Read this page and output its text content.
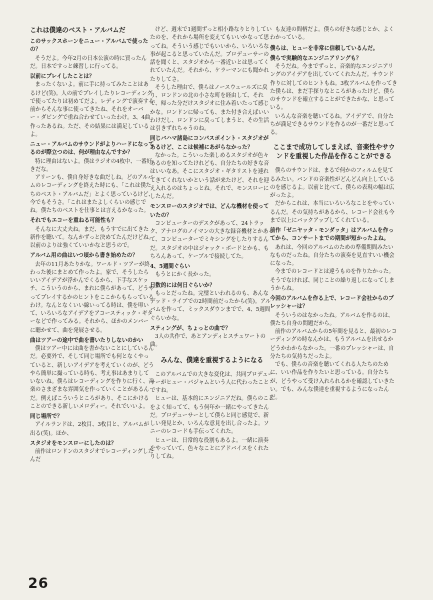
これは僕達のベスト・アルバムだ
このサックスホーンをニュー・アルバムで使ったの？
そうだよ。今年2月の日本公演の時に買ったんだ。日本ですっと練習しに行ってる。
以前にプレイしたことは？
まったくないよ。前に手に持ってみたことはあるけど(笑)。人の前でプレイしたりレコーディングで使ってたりは初めてだよ。レディングで演奏する前からそんな事に使ってきたね、それをオーバー・ダビングで重ね合わせていったわけ。3、4曲作ったあるね。ただ、その結果には満足しているよ。
ニュー・アルバムのサウンドがよりハードになってるのが際立つのは、何が理由なんですか？
特に理由はないよ。僕はラジオの4枚中、一番好きだな。
アリーンも、僕自身好きな曲だしね。どのアルバムのレコーディングを終えた時にも、「これは僕たちのベスト・アルバムだ」とよく思っているけど、今でもそうさ。「これはまたよしくらいの感じでね。僕たちのベストを仕事とは言えるかなった。
それでもエコーを重ねる可能性も？
そんなに大丈夫ね。まだ、もうすでに出てきた新作を聴いて。なんかずっと決めてたんだけどね。以前のよりは強くていいかなと思うので。
アルバム用の曲はいつ頃から書き始めたの？
去年の11月あたりかな。ワールド・ツアーが終わった後にまとめて作ったよ。家で、そうしたらいいアイデアが浮かんでくるから、下手なスケッチ、こういうのから、まれに僕らがあって、どうやってプレイするかのヒントをここからもらっているわけ。なんとなくいい線いってる時は、僕を叩いて、いろいろなアイデアをアコースティック・ギターなどで作ってみる。それから、ほかのメンバーに聴かせて、曲を発展させる。
曲はツアーの途中で曲を書いたりしないのかい
僕はツアー中には曲を書かないことにしているんだ。必要外で、そして同じ場所でも何となくやっていると、新しいアイデアを考えていくのが、どうやら簡単に撮っている時も、考え事はあまりしていないね。僕らはレコーディングを作りに行く、音楽のさまざまな雰囲気を作っていくことがあるんだ。例えばこういうところがあり、そこにかけることのできる新しいメロディー。それでいいよ。
同じ場所で？
アイルランドは、2枚目、3枚目と、アルバムが出る(笑)。ほか、
スタジオをモンスローにしたのは？
前作はロンドンのスタジオでレコーディングしたんだ
けど、週末で1週間ずっと相小路なりとりしていたのを、それから場所を変えてもいいかなって思ってね。そういう感じでもいいから、いろいろな事が起こると思っていたんだ。プロデューサーの話を聞くと、スタジオから一番近いとは思ってくれていたんだ。それから、ケラーマンにも聞かれたりしてさ。
そうした理由で、僕らはノースウェールズに戻り、ロンドンの北の小さな町を経由して、それで、帰った分だけスタジオに住み着いたって感じかな。ロンドンに帰っても、また付き合えばいいわけだし、ロンドンに戻ってしまうと、その生活は引きずれちゃうのね。
同じバハマ諸島にコンパスポイント・スタジオがあるけど、ここは候補にあがらなかった？
なかった。こういった楽しめるスタジオが色々あるのを知ってたけれども、自分たちの好きな音はいいなあ。そこにスタジオ・ギタリストを連れてきてくれないかという話が来たけど、それを迎え入れるのはちょっとね。それで、モンスローにしたんだ。
モンスローのスタジオでは、どんな機材を使っていたの？
コンピューターのデスクがあって、24トラック、アナログのノイマンの大きな録音機材とかあって、コンピューターでミキシングをしたりするんだ。スタジオの中はジャック・ボードとかも、もちろんあって、ケーブルで接続してた。
4、5週間ぐらい
もうとにかく長かった。
日数的には何日ぐらいか？
もっとだったね。完璧といわれるのも、あんなデッド・ライブでの2時間前だったから(笑)。アルバムを作って、ミックスダウンまでで、4、5週間ぐらいかな。
スティングが、ちょっとの曲で？
3人の共作で、あとアンディとスチュワートの曲。
みんな、僕達を重視するようになる
このアルバムでの大きな変化は、共同プロデューサーがヒュー・パジャムという人に代わったことですね。
ヒューは、基本的にエンジニアだね。僕らのことをよく知ってて、もう何年か一緒にやってきたんだ。プロデューサーとして僕らと同じ感覚で、新しい発見とか、いろんな意見を出し合ったよ。ソニーのレコードも手伝ってくれた。
ヒューは、日常的な役割もあるよ。一緒に演奏をやっていて、色々なことにアドバイスをくれたりしてね。
も友達の間柄だよ。僕らの好きな感じとか、よくわかっている。
僕らは、ヒューを非常に信頼しているんだ。
僕らで実験的なエンジニアリングも？
そうだね。今までずっと、音楽的なエンジニアリングのアイデアを出していてくれたんだ。サウンド作りに対してのヒントもね。3枚アルバムを作ってきた僕らは、まだ手探りなところがあったけど、僕らのサウンドを確立することができたかな、と思っている。
いろんな音楽を聴いてるね。アイデアで、自分たちが満足できるサウンドを作るのが一番だと思ってる。
ここまで成功してしまえば、音楽性やサウンドを重視した作品を作ることができる
僕らのサウンドは、まるで何かのフィルムを見てるみたい。バンドの音楽性がどんどん向上しているのを感じるよ。以前と比べて、僕らの表現の幅は広がったよ。
だからこれは、本当にいろいろなことをやっているんだ。その気持ちがあるから、レコード会社も今まで以上にバックアップしてくれている。
前作「ゼニヤッタ・モンダッタ」はアルバムを作ってから、コンサートまでの期間が短かったよね。
あれは、今回のアルバムのための準備期間みたいなものだったね。自分たちの演奏を見直すいい機会になった。
今までのレコードとは違うものを作りたかった。そうでなければ、同じことの繰り返しになってしまうからね。
今回のアルバムを作る上で、レコード会社からのプレッシャーは？
そういうのはなかったね。アルバムを作るのは、僕たち自身の問題だから。
前作のアルバムからの5年間を見ると、最初のレコーディングの時なんかは、もうアルバムを出せるかどうかわからなかった。一番のプレッシャーは、自分たちの気持ちだったよ。
でも、僕らの音楽を聴いてくれる人たちのために、いい作品を作りたいと思っている。自分たちが、どうやって受け入れられるかを確認していきたい。でも、みんな僕達を重視するようになったんだ。
26
